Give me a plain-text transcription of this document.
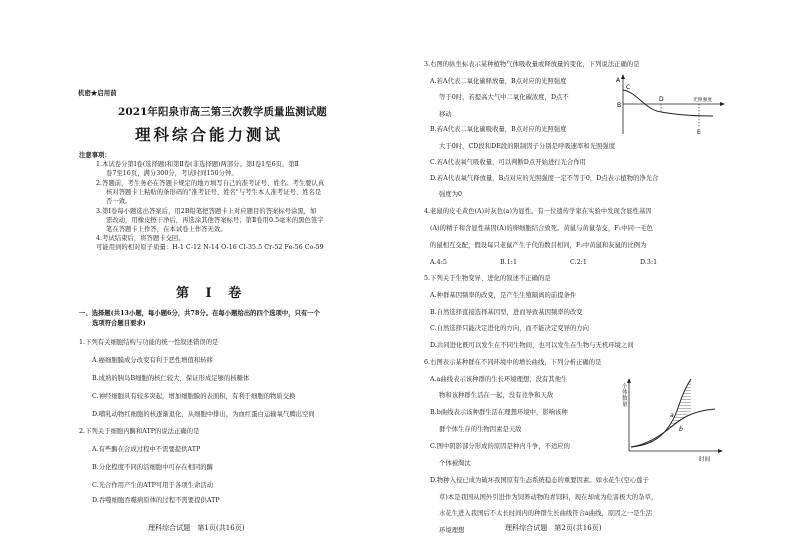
机密★启用前
2021年阳泉市高三第三次教学质量监测试题
理科综合能力测试
注意事项：
1.本试卷分第Ⅰ卷(选择题)和第Ⅱ卷(非选择题)两部分。第Ⅰ卷1至6页，第Ⅱ
卷7至16页，满分300分，考试时间150分钟。
2.答题前，考生务必在答题卡规定的地方填写自己的准考证号、姓名。考生要认真
核对答题卡上粘贴的条形码的"准考证号、姓名"与考生本人准考证号、姓名是
否一致。
3.第Ⅰ卷每小题选出答案后，用2B铅笔把答题卡上对应题目的答案标号涂黑，如
需改动，用橡皮擦干净后，再选涂其他答案标号；第Ⅱ卷用0.5毫米的黑色签字
笔在答题卡上作答，在本试卷上作答无效。
4.考试结束后，将答题卡交回。
可能用到的相对原子质量：H-1 C-12 N-14 O-16 Cl-35.5 Cr-52 Fe-56 Co-59
第 Ⅰ 卷
一、选择题(共13小题，每小题6分，共78分。在每小题给出的四个选项中，只有一个
选项符合题目要求)
1.下列有关细胞结构与功能的统一性叙述错误的是
A.癌细胞膜成分改变有利于恶性增值和转移
B.成熟的胰岛B细胞的核仁较大，保证形成足够的核糖体
C.神经细胞具有较多突起，增加细胞膜的表面积，有利于细胞的物质交换
D.哺乳动物红细胞的核逐渐退化，从细胞中排出，为血红蛋白运输氧气腾出空间
2.下列关于细胞内酶和ATP的说法正确的是
A.有些酶在合成过程中不需要提供ATP
B.分化程度不同的活细胞中可存在相同的酶
C.光合作用产生的ATP可用于各项生命活动
D.吞噬细胞吞噬病原体的过程不需要提供ATP
理科综合试题　第1页(共16页)
3.右图的纵坐标表示某种植物气体吸收量或释放量的变化，下列说法正确的是
A.若A代表二氧化碳释放量，B点对应的光照强度
等于0时，若提高大气中二氧化碳浓度，D点不
移动
B.若A代表二氧化碳吸收量，B点对应的光照强度
大于0时，CD段和DE段的限制因子分别是呼吸速率和光照强度
C.若A代表氧气吸收量，可以判断D点开始进行光合作用
D.若A代表氧气释放量，B点对应的光照强度一定不等于0，D点表示植物的净光合
强度为0
A
B
C
D
E
光照强度
4.老鼠的皮毛黄色(A)对灰色(a)为显性。有一位遗传学家在实验中发现含显性基因
(A)的精子和含显性基因(A)的卵细胞结合致死。黄鼠与黄鼠杂交，F₁中同一毛色
的鼠相互交配，假设每只老鼠产生子代的数目相同，F₂中黄鼠和灰鼠的比例为
A.4:5	B.1:1	C.2:1	D.3:1
5.下列关于生物变异、进化的叙述不正确的是
A.种群基因频率的改变，是产生生殖隔离的前提条件
B.自然选择直接选择基因型，进而导致基因频率的改变
C.自然选择只能决定进化的方向，而不能决定变异的方向
D.共同进化既可以发生在不同生物间，也可以发生在生物与无机环境之间
6.右图表示某种群在不同环境中的增长曲线，下列分析正确的是
A.a曲线表示该种群的生长环境理想，没有其他生
物和该种群生活在一起，没有竞争和天敌
B.b曲线表示该种群生活在理想环境中，影响该种
群个体生存的生物因素是天敌
C.图中阴影部分形成的原因是种内斗争，不适应的
个体被淘汰
D.物种入侵已成为破坏我国原有生态系统稳态的重要因素。如水花生(空心莲子
草)本是我国从国外引进作为饲养动物的青饲料，现在却成为危害极大的杂草，
水花生进入我国后不太长时间内的种群生长曲线符合a曲线，原因之一是生活
环境理想
a
b
时间
个体数量
理科综合试题　第2页(共16页)
